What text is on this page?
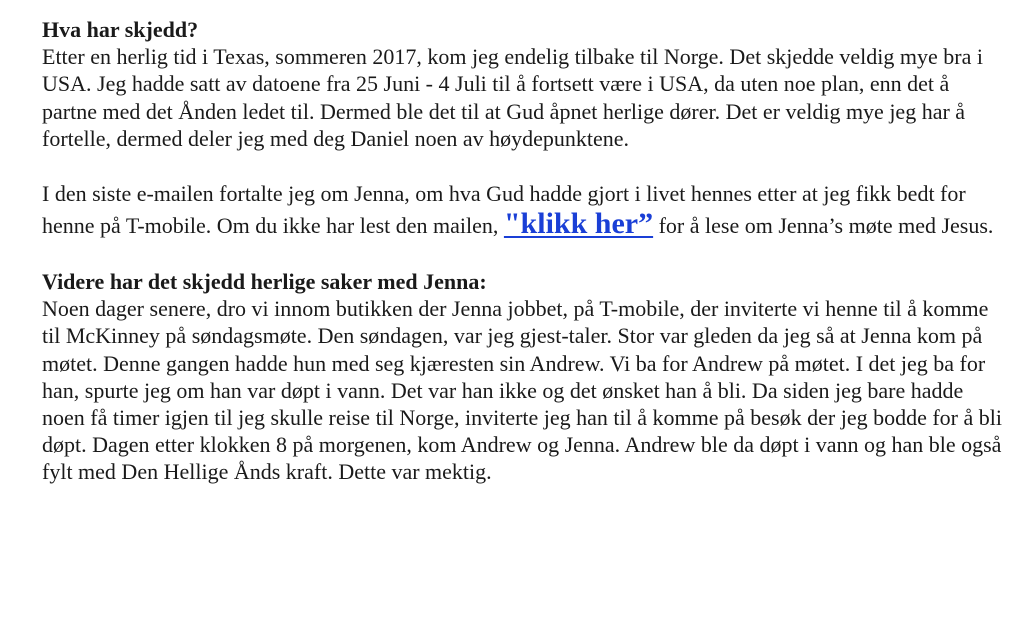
Hva har skjedd?
Etter en herlig tid i Texas, sommeren 2017, kom jeg endelig tilbake til Norge. Det skjedde veldig mye bra i USA. Jeg hadde satt av datoene fra 25 Juni - 4 Juli til å fortsett være i USA, da uten noe plan, enn det å partne med det Ånden ledet til. Dermed ble det til at Gud åpnet herlige dører. Det er veldig mye jeg har å fortelle, dermed deler jeg med deg Daniel noen av høydepunktene.

I den siste e-mailen fortalte jeg om Jenna, om hva Gud hadde gjort i livet hennes etter at jeg fikk bedt for henne på T-mobile. Om du ikke har lest den mailen, "klikk her” for å lese om Jenna’s møte med Jesus.

Videre har det skjedd herlige saker med Jenna:
Noen dager senere, dro vi innom butikken der Jenna jobbet, på T-mobile, der inviterte vi henne til å komme til McKinney på søndagsmøte. Den søndagen, var jeg gjest-taler. Stor var gleden da jeg så at Jenna kom på møtet. Denne gangen hadde hun med seg kjæresten sin Andrew. Vi ba for Andrew på møtet. I det jeg ba for han, spurte jeg om han var døpt i vann. Det var han ikke og det ønsket han å bli. Da siden jeg bare hadde noen få timer igjen til jeg skulle reise til Norge, inviterte jeg han til å komme på besøk der jeg bodde for å bli døpt. Dagen etter klokken 8 på morgenen, kom Andrew og Jenna. Andrew ble da døpt i vann og han ble også fylt med Den Hellige Ånds kraft. Dette var mektig.
